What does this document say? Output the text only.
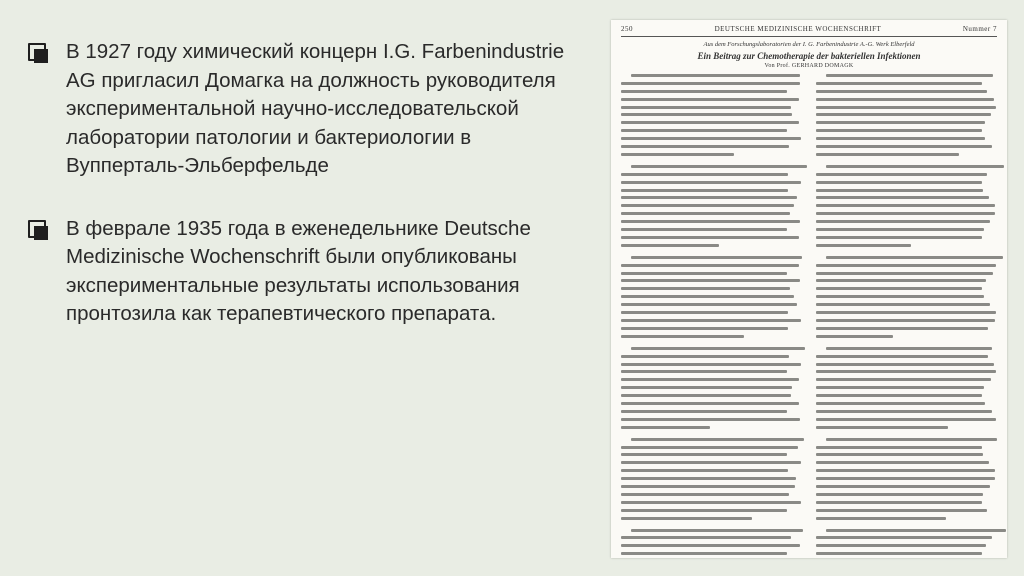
В 1927 году химический концерн I.G. Farbenindustrie AG пригласил Домагка на должность руководителя экспериментальной научно-исследовательской лаборатории патологии и бактериологии в Вупперталь-Эльберфельде
В феврале 1935 года в еженедельнике Deutsche Medizinische Wochenschrift были опубликованы экспериментальные результаты использования пронтозила как терапевтического препарата.
250	DEUTSCHE MEDIZINISCHE WOCHENSCHRIFT	Nummer 7
Aus dem Forschungslaboratorien der I. G. Farbenindustrie A.-G. Werk Elberfeld
Ein Beitrag zur Chemotherapie der bakteriellen Infektionen
Von Prof. GERHARD DOMAGK
